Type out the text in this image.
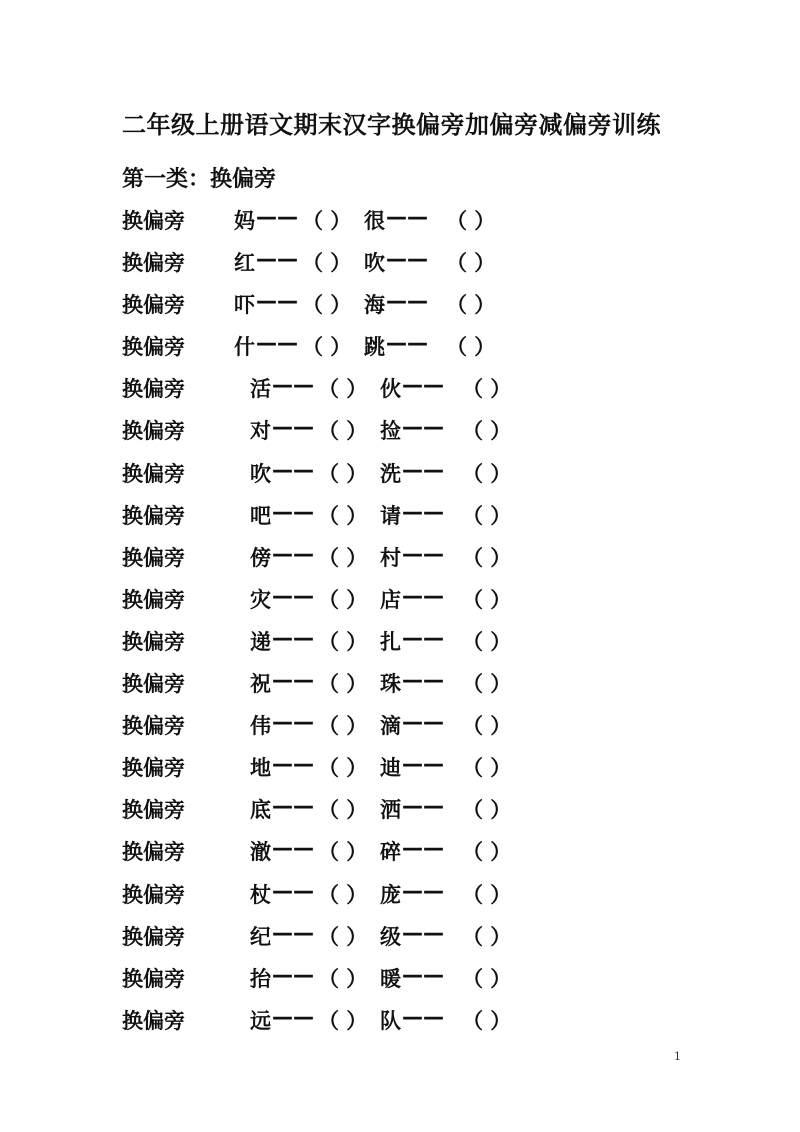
二年级上册语文期末汉字换偏旁加偏旁减偏旁训练
第一类：换偏旁
换偏旁 妈 —— （ ） 很 —— （ ）
换偏旁 红 —— （ ） 吹 —— （ ）
换偏旁 吓 —— （ ） 海 —— （ ）
换偏旁 什 —— （ ） 跳 —— （ ）
换偏旁	活 —— （ ） 伙 —— （ ）
换偏旁	对 —— （ ） 捡 —— （ ）
换偏旁	吹 —— （ ） 洗 —— （ ）
换偏旁	吧 —— （ ） 请 —— （ ）
换偏旁	傍 —— （ ） 村 —— （ ）
换偏旁	灾 —— （ ） 店 —— （ ）
换偏旁	递 —— （ ） 扎 —— （ ）
换偏旁	祝 —— （ ） 珠 —— （ ）
换偏旁	伟 —— （ ） 滴 —— （ ）
换偏旁	地 —— （ ） 迪 —— （ ）
换偏旁	底 —— （ ） 洒 —— （ ）
换偏旁	澈 —— （ ） 碎 —— （ ）
换偏旁	杖 —— （ ） 庞 —— （ ）
换偏旁	纪 —— （ ） 级 —— （ ）
换偏旁	抬 —— （ ） 暖 —— （ ）
换偏旁	远 —— （ ） 队 —— （ ）
1
